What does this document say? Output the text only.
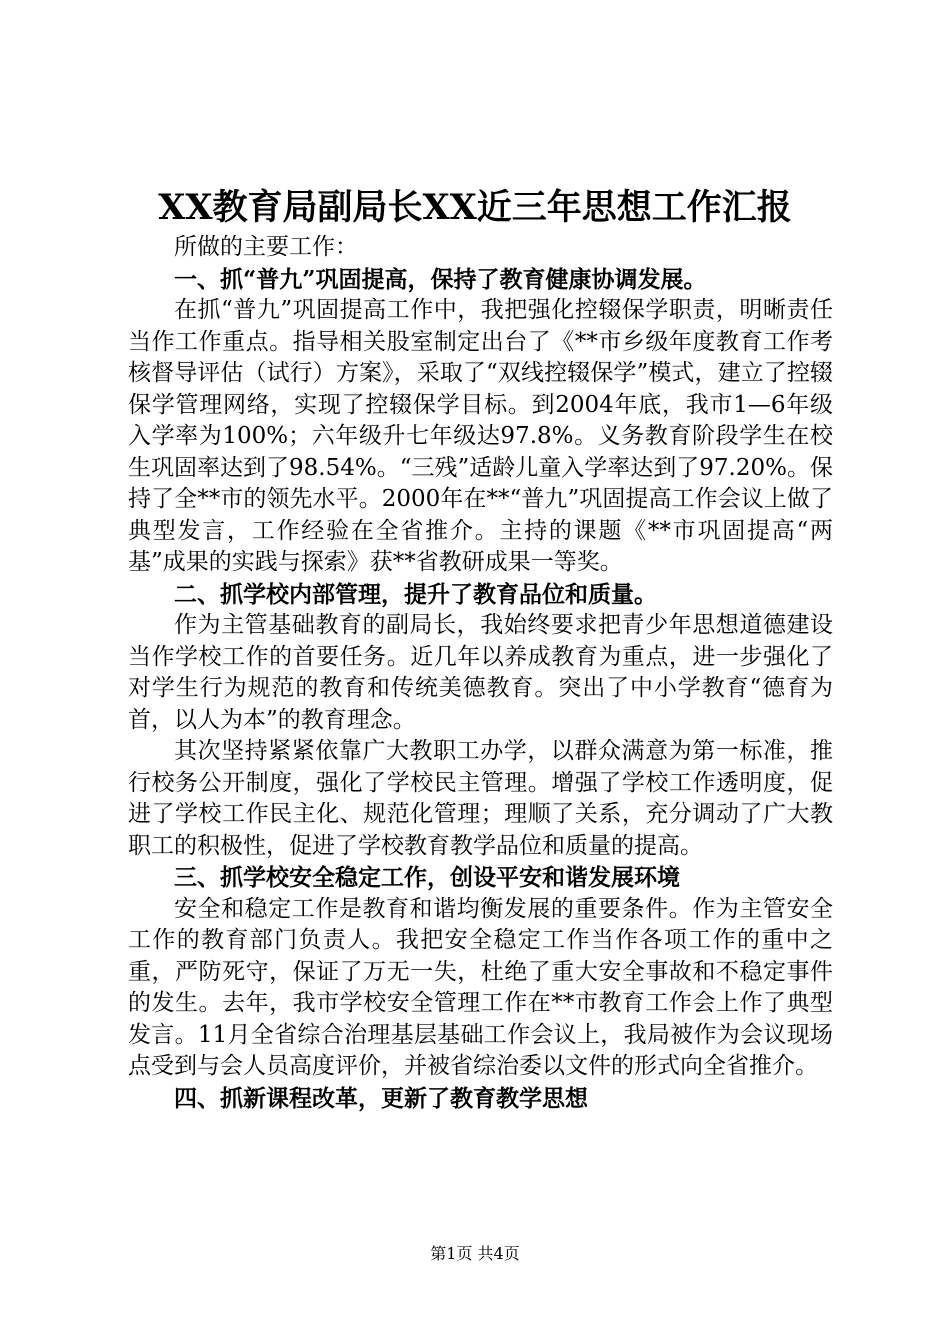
XX教育局副局长XX近三年思想工作汇报

所做的主要工作：

一、抓“普九”巩固提高，保持了教育健康协调发展。

在抓“普九”巩固提高工作中，我把强化控辍保学职责，明晰责任当作工作重点。指导相关股室制定出台了《**市乡级年度教育工作考核督导评估（试行）方案》，采取了“双线控辍保学”模式，建立了控辍保学管理网络，实现了控辍保学目标。到2004年底，我市1—6年级入学率为100%；六年级升七年级达97.8%。义务教育阶段学生在校生巩固率达到了98.54%。“三残”适龄儿童入学率达到了97.20%。保持了全**市的领先水平。2000年在**“普九”巩固提高工作会议上做了典型发言，工作经验在全省推介。主持的课题《**市巩固提高“两基”成果的实践与探索》获**省教研成果一等奖。

二、抓学校内部管理，提升了教育品位和质量。

作为主管基础教育的副局长，我始终要求把青少年思想道德建设当作学校工作的首要任务。近几年以养成教育为重点，进一步强化了对学生行为规范的教育和传统美德教育。突出了中小学教育“德育为首，以人为本”的教育理念。

其次坚持紧紧依靠广大教职工办学，以群众满意为第一标准，推行校务公开制度，强化了学校民主管理。增强了学校工作透明度，促进了学校工作民主化、规范化管理；理顺了关系，充分调动了广大教职工的积极性，促进了学校教育教学品位和质量的提高。

三、抓学校安全稳定工作，创设平安和谐发展环境

安全和稳定工作是教育和谐均衡发展的重要条件。作为主管安全工作的教育部门负责人。我把安全稳定工作当作各项工作的重中之重，严防死守，保证了万无一失，杜绝了重大安全事故和不稳定事件的发生。去年，我市学校安全管理工作在**市教育工作会上作了典型发言。11月全省综合治理基层基础工作会议上，我局被作为会议现场点受到与会人员高度评价，并被省综治委以文件的形式向全省推介。

四、抓新课程改革，更新了教育教学思想

第1页 共4页
